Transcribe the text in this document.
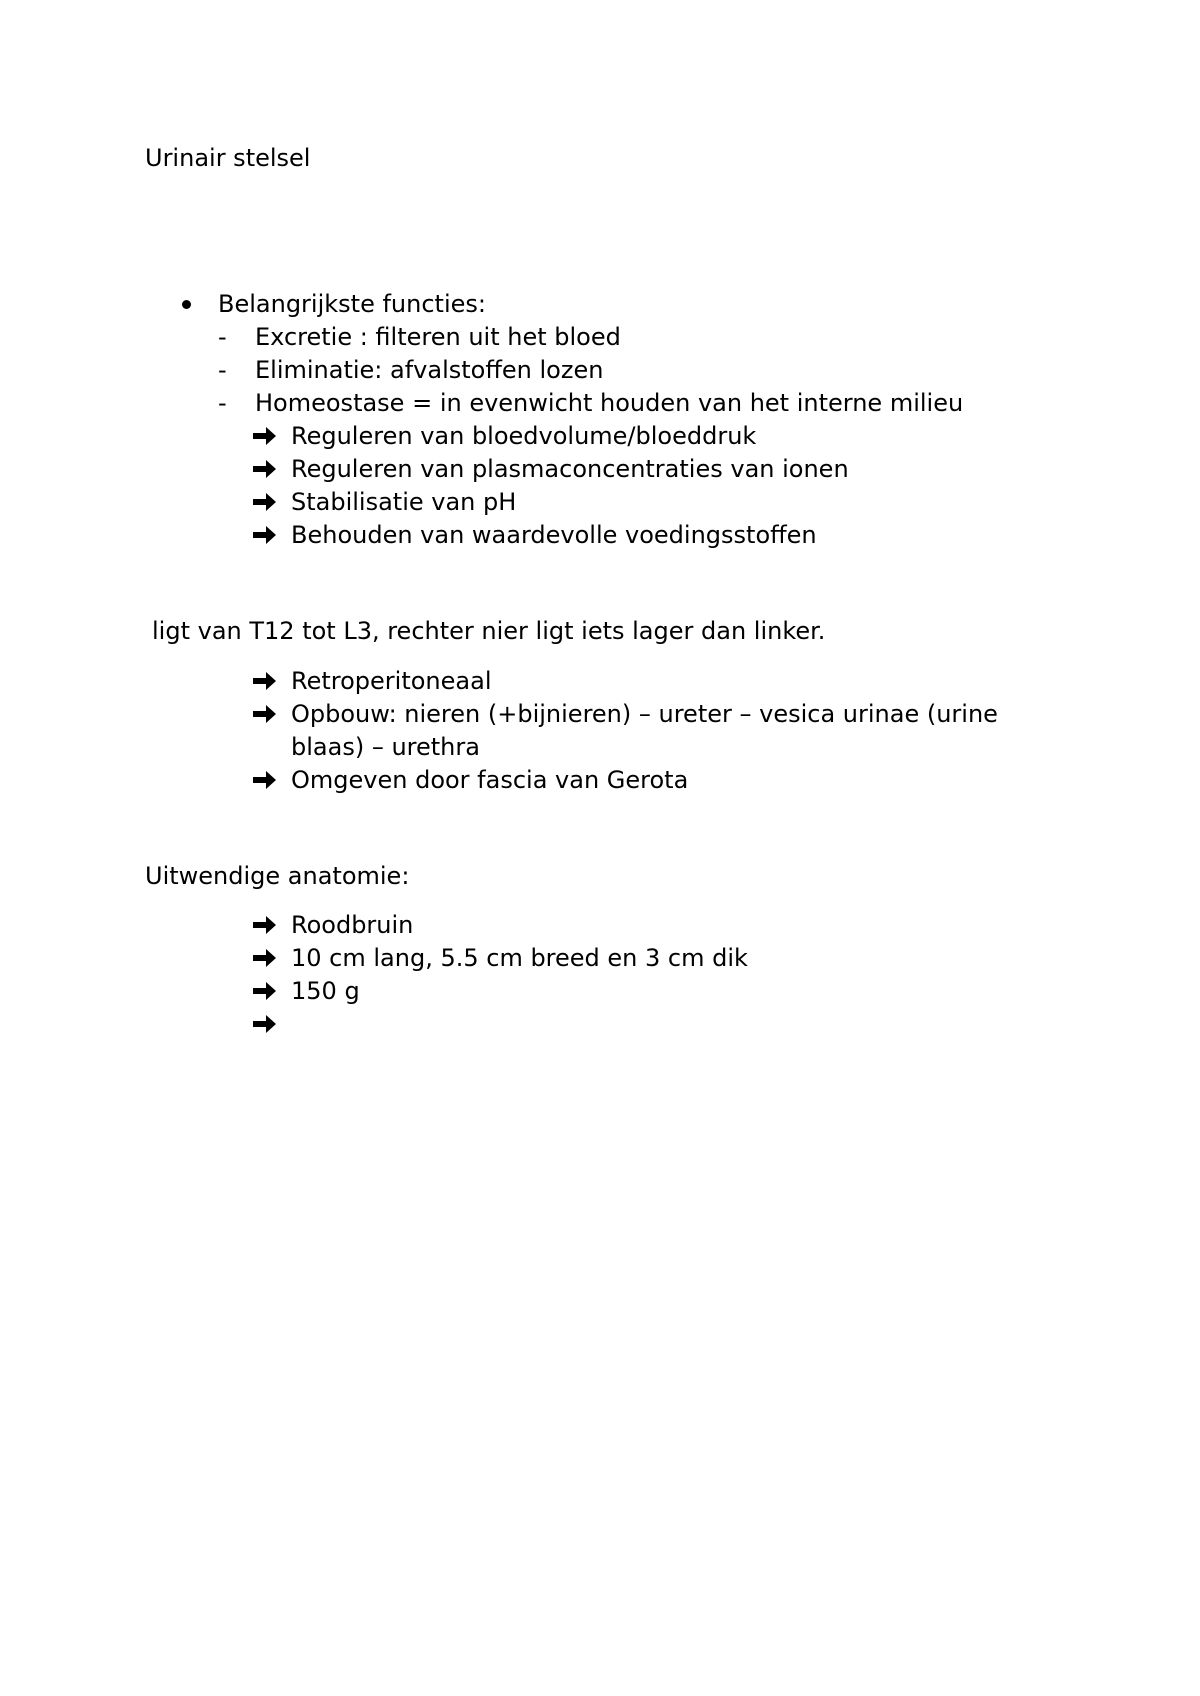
Urinair stelsel
Belangrijkste functies:
- Excretie : filteren uit het bloed
- Eliminatie: afvalstoffen lozen
- Homeostase = in evenwicht houden van het interne milieu
Reguleren van bloedvolume/bloeddruk
Reguleren van plasmaconcentraties van ionen
Stabilisatie van pH
Behouden van waardevolle voedingsstoffen
ligt van T12 tot L3, rechter nier ligt iets lager dan linker.
Retroperitoneaal
Opbouw: nieren (+bijnieren) – ureter – vesica urinae (urine
blaas) – urethra
Omgeven door fascia van Gerota
Uitwendige anatomie:
Roodbruin
10 cm lang, 5.5 cm breed en 3 cm dik
150 g
